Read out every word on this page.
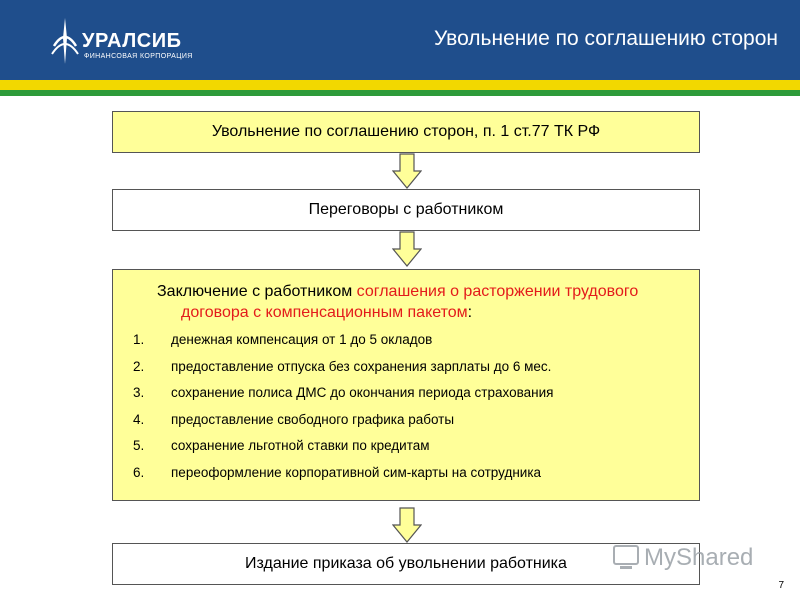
УРАЛСИБ
ФИНАНСОВАЯ КОРПОРАЦИЯ
Увольнение по соглашению сторон
Увольнение по соглашению сторон, п. 1 ст.77 ТК РФ
Переговоры с работником
Заключение с работником соглашения о расторжении трудового договора с компенсационным пакетом:
1.	денежная компенсация от 1 до 5 окладов
2.	предоставление отпуска без сохранения зарплаты до 6 мес.
3.	сохранение полиса ДМС до окончания периода страхования
4.	предоставление свободного графика работы
5.	сохранение льготной ставки по кредитам
6.	переоформление корпоративной сим-карты на сотрудника
Издание приказа об увольнении работника	MyShared
7
